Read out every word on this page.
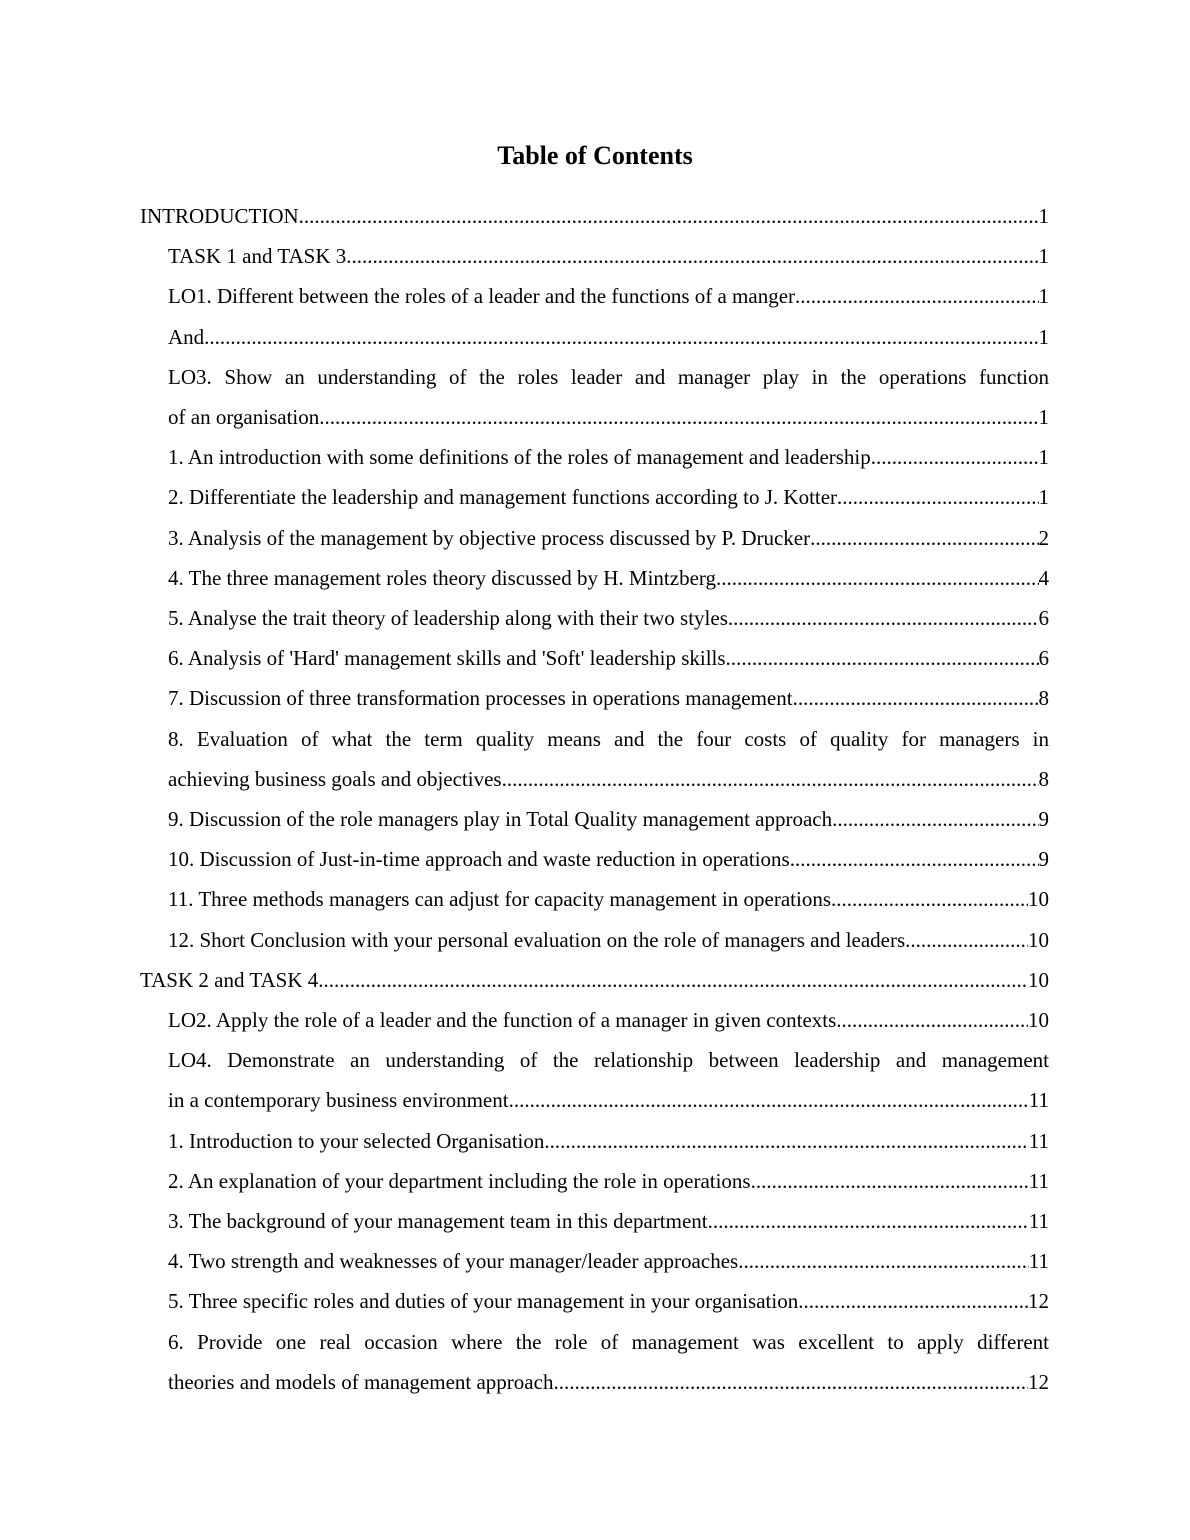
Table of Contents
INTRODUCTION .....	1
TASK 1 and TASK 3 .....	1
LO1. Different between the roles of a leader and the functions of a manger .....	1
And .....	1
LO3. Show an understanding of the roles leader and manager play in the operations function
of an organisation .....	1
1. An introduction with some definitions of the roles of management and leadership .....	1
2. Differentiate the leadership and management functions according to J. Kotter .....	1
3. Analysis of the management by objective process discussed by P. Drucker .....	2
4. The three management roles theory discussed by H. Mintzberg .....	4
5. Analyse the trait theory of leadership along with their two styles .....	6
6. Analysis of 'Hard' management skills and 'Soft' leadership skills. .....	6
7. Discussion of three transformation processes in operations management .....	8
8. Evaluation of what the term quality means and the four costs of quality for managers in
achieving business goals and objectives .....	8
9. Discussion of the role managers play in Total Quality management approach .....	9
10. Discussion of Just-in-time approach and waste reduction in operations .....	9
11. Three methods managers can adjust for capacity management in operations .....	10
12. Short Conclusion with your personal evaluation on the role of managers and leaders. .....	10
TASK 2 and TASK 4 .....	10
LO2. Apply the role of a leader and the function of a manager in given contexts .....	10
LO4. Demonstrate an understanding of the relationship between leadership and management
in a contemporary business environment .....	11
1. Introduction to your selected Organisation .....	11
2. An explanation of your department including the role in operations .....	11
3. The background of your management team in this department .....	11
4. Two strength and weaknesses of your manager/leader approaches .....	11
5. Three specific roles and duties of your management in your organisation .....	12
6. Provide one real occasion where the role of management was excellent to apply different
theories and models of management approach .....	12
